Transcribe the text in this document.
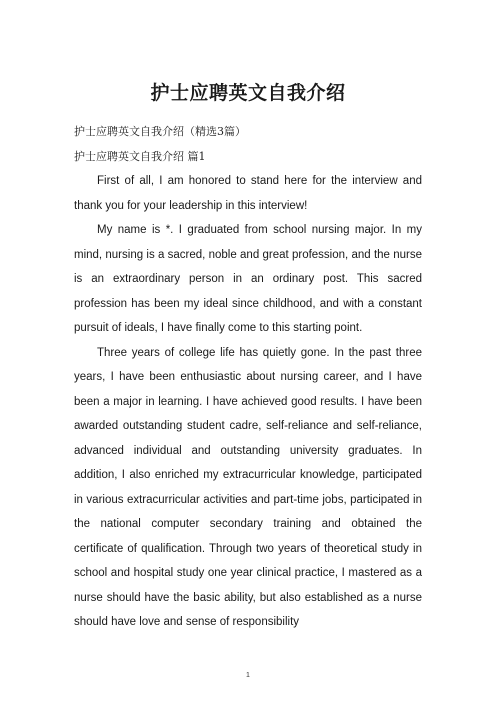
护士应聘英文自我介绍

护士应聘英文自我介绍（精选3篇）

护士应聘英文自我介绍 篇1

First of all, I am honored to stand here for the interview and thank you for your leadership in this interview!

My name is *. I graduated from school nursing major. In my mind, nursing is a sacred, noble and great profession, and the nurse is an extraordinary person in an ordinary post. This sacred profession has been my ideal since childhood, and with a constant pursuit of ideals, I have finally come to this starting point.

Three years of college life has quietly gone. In the past three years, I have been enthusiastic about nursing career, and I have been a major in learning. I have achieved good results. I have been awarded outstanding student cadre, self-reliance and self-reliance, advanced individual and outstanding university graduates. In addition, I also enriched my extracurricular knowledge, participated in various extracurricular activities and part-time jobs, participated in the national computer secondary training and obtained the certificate of qualification. Through two years of theoretical study in school and hospital study one year clinical practice, I mastered as a nurse should have the basic ability, but also established as a nurse should have love and sense of responsibility

1
